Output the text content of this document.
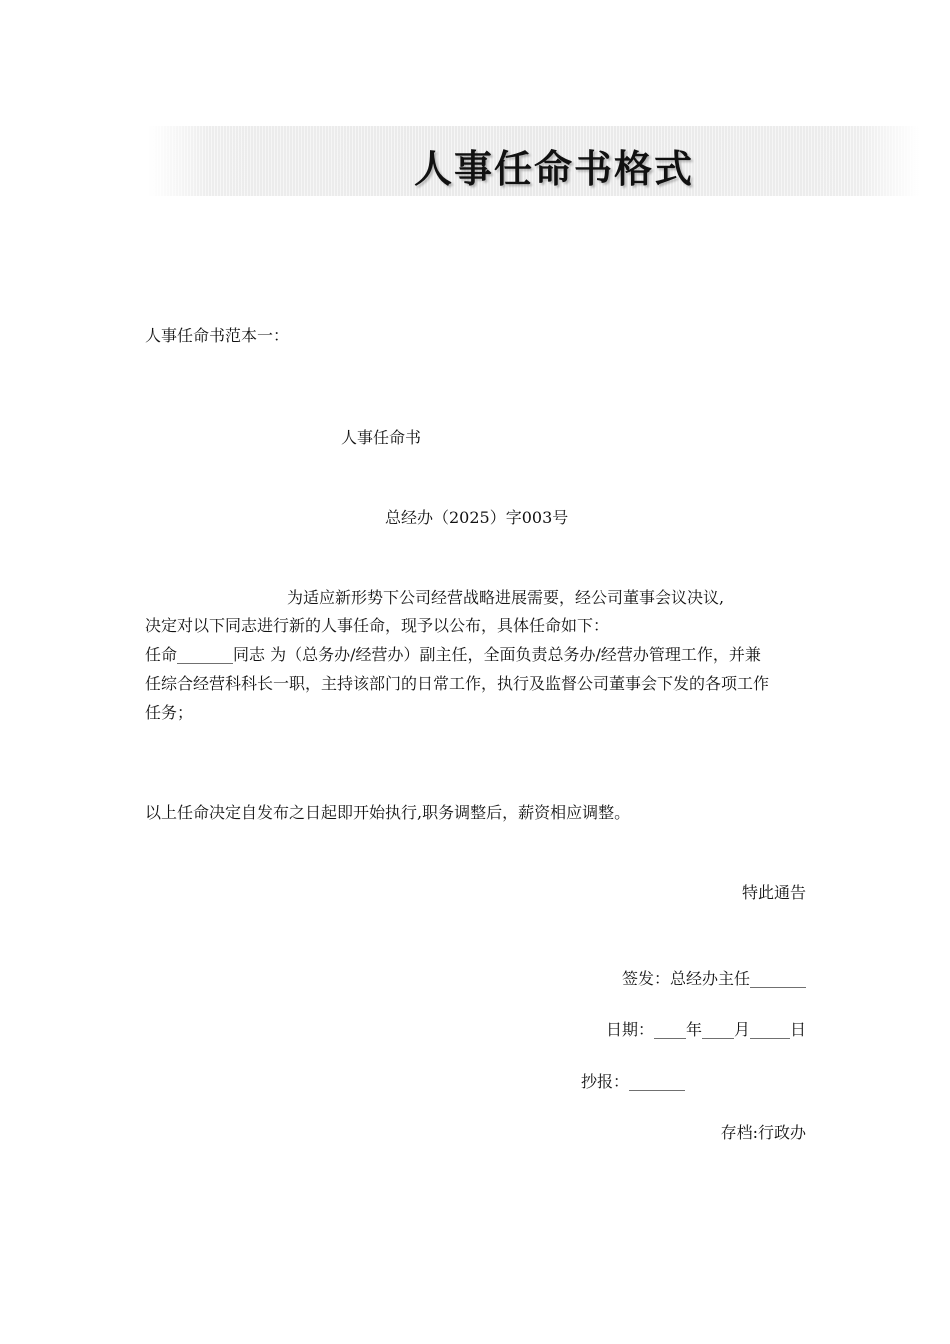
人事任命书格式
人事任命书范本一：
人事任命书
总经办（2025）字003号
为适应新形势下公司经营战略进展需要，经公司董事会议决议,
决定对以下同志进行新的人事任命，现予以公布，具体任命如下：
任命_______同志 为（总务办/经营办）副主任，全面负责总务办/经营办管理工作，并兼
任综合经营科科长一职，主持该部门的日常工作，执行及监督公司董事会下发的各项工作
任务；
以上任命决定自发布之日起即开始执行,职务调整后，薪资相应调整。
特此通告
签发：总经办主任_______
日期：____年____月_____日
抄报：_______
存档:行政办
